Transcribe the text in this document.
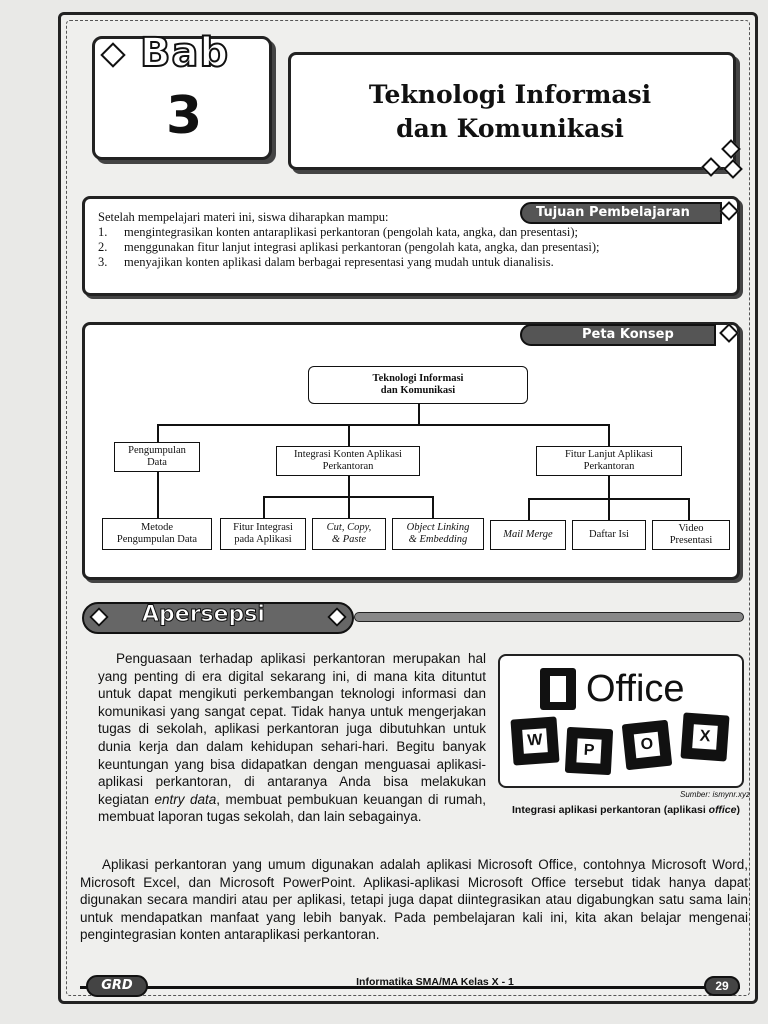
Bab
3	Teknologi Informasi
dan Komunikasi
Tujuan Pembelajaran
Setelah mempelajari materi ini, siswa diharapkan mampu:
1.	mengintegrasikan konten antaraplikasi perkantoran (pengolah kata, angka, dan presentasi);
2.	menggunakan fitur lanjut integrasi aplikasi perkantoran (pengolah kata, angka, dan presentasi);
3.	menyajikan konten aplikasi dalam berbagai representasi yang mudah untuk dianalisis.
Peta Konsep
Teknologi Informasi
dan Komunikasi
Pengumpulan
Data
Integrasi Konten Aplikasi
Perkantoran
Fitur Lanjut Aplikasi
Perkantoran
Metode
Pengumpulan Data
Fitur Integrasi
pada Aplikasi
Cut, Copy,
& Paste
Object Linking
& Embedding	Mail Merge	Daftar Isi
Video
Presentasi
Apersepsi
Penguasaan terhadap aplikasi perkantoran merupakan hal yang penting di era digital sekarang ini, di mana kita dituntut untuk dapat mengikuti perkembangan teknologi informasi dan komunikasi yang sangat cepat. Tidak hanya untuk mengerjakan tugas di sekolah, aplikasi perkantoran juga dibutuhkan untuk dunia kerja dan dalam kehidupan sehari-hari. Begitu banyak keuntungan yang bisa didapatkan dengan menguasai aplikasi-aplikasi perkantoran, di antaranya Anda bisa melakukan kegiatan entry data, membuat pembukuan keuangan di rumah, membuat laporan tugas sekolah, dan lain sebagainya.
Office
W
P	O	X
Sumber: ismynr.xyz
Integrasi aplikasi perkantoran (aplikasi office)
Aplikasi perkantoran yang umum digunakan adalah aplikasi Microsoft Office, contohnya Microsoft Word, Microsoft Excel, dan Microsoft PowerPoint. Aplikasi-aplikasi Microsoft Office tersebut tidak hanya dapat digunakan secara mandiri atau per aplikasi, tetapi juga dapat diintegrasikan atau digabungkan satu sama lain untuk mendapatkan manfaat yang lebih banyak. Pada pembelajaran kali ini, kita akan belajar mengenai pengintegrasian konten antaraplikasi perkantoran.
GRD	Informatika SMA/MA Kelas X - 1	29
